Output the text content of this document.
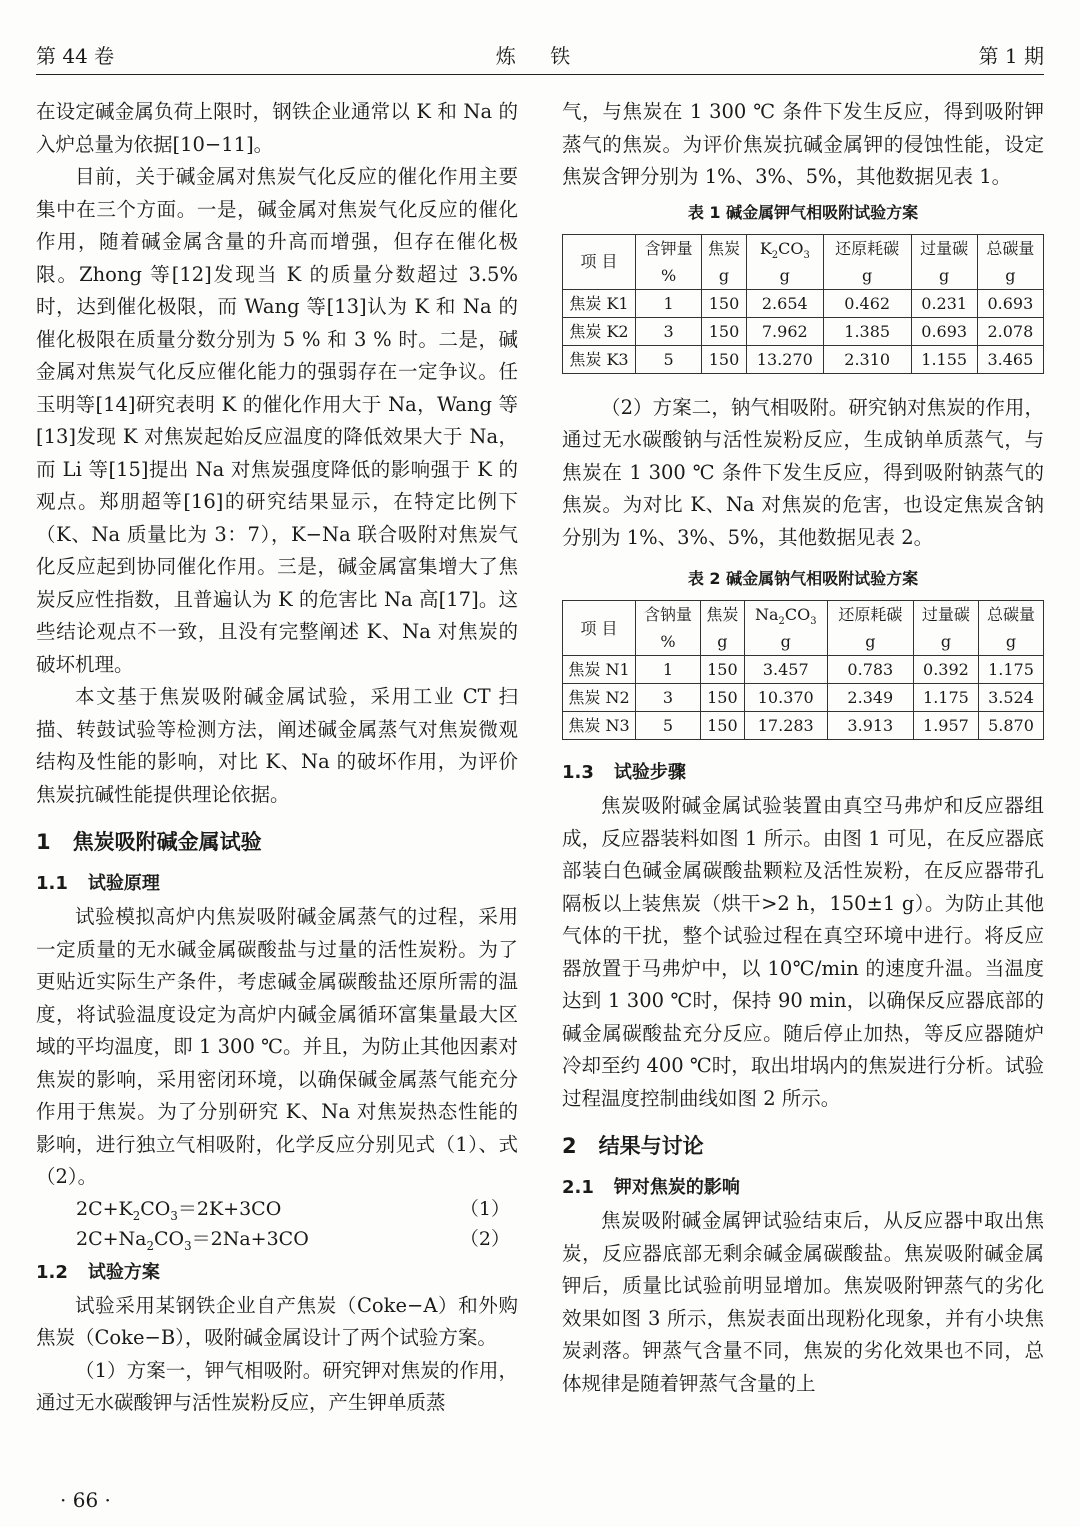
第 44 卷	炼 铁	第 1 期

在设定碱金属负荷上限时，钢铁企业通常以 K 和 Na 的入炉总量为依据[10−11]。

目前，关于碱金属对焦炭气化反应的催化作用主要集中在三个方面。一是，碱金属对焦炭气化反应的催化作用，随着碱金属含量的升高而增强，但存在催化极限。Zhong 等[12]发现当 K 的质量分数超过 3.5%时，达到催化极限，而 Wang 等[13]认为 K 和 Na 的催化极限在质量分数分别为 5 % 和 3 % 时。二是，碱金属对焦炭气化反应催化能力的强弱存在一定争议。任玉明等[14]研究表明 K 的催化作用大于 Na，Wang 等[13]发现 K 对焦炭起始反应温度的降低效果大于 Na，而 Li 等[15]提出 Na 对焦炭强度降低的影响强于 K 的观点。郑朋超等[16]的研究结果显示，在特定比例下（K、Na 质量比为 3：7），K−Na 联合吸附对焦炭气化反应起到协同催化作用。三是，碱金属富集增大了焦炭反应性指数，且普遍认为 K 的危害比 Na 高[17]。这些结论观点不一致，且没有完整阐述 K、Na 对焦炭的破坏机理。

本文基于焦炭吸附碱金属试验，采用工业 CT 扫描、转鼓试验等检测方法，阐述碱金属蒸气对焦炭微观结构及性能的影响，对比 K、Na 的破坏作用，为评价焦炭抗碱性能提供理论依据。

1 焦炭吸附碱金属试验
1.1 试验原理

试验模拟高炉内焦炭吸附碱金属蒸气的过程，采用一定质量的无水碱金属碳酸盐与过量的活性炭粉。为了更贴近实际生产条件，考虑碱金属碳酸盐还原所需的温度，将试验温度设定为高炉内碱金属循环富集量最大区域的平均温度，即 1 300 ℃。并且，为防止其他因素对焦炭的影响，采用密闭环境，以确保碱金属蒸气能充分作用于焦炭。为了分别研究 K、Na 对焦炭热态性能的影响，进行独立气相吸附，化学反应分别见式（1）、式（2）。

$2C+K_2CO_3=2K+3CO$	（1）
$2C+Na_2CO_3=2Na+3CO$	（2）
1.2 试验方案

试验采用某钢铁企业自产焦炭（Coke−A）和外购焦炭（Coke−B），吸附碱金属设计了两个试验方案。

（1）方案一，钾气相吸附。研究钾对焦炭的作用，通过无水碳酸钾与活性炭粉反应，产生钾单质蒸

气，与焦炭在 1 300 ℃ 条件下发生反应，得到吸附钾蒸气的焦炭。为评价焦炭抗碱金属钾的侵蚀性能，设定焦炭含钾分别为 1%、3%、5%，其他数据见表 1。

表 1 碱金属钾气相吸附试验方案
项 目	含钾量	焦炭	$K_2CO_3$	还原耗碳	过量碳	总碳量
	%	g	g	g	g	g
焦炭 K1	1	150	2.654	0.462	0.231	0.693
焦炭 K2	3	150	7.962	1.385	0.693	2.078
焦炭 K3	5	150	13.270	2.310	1.155	3.465

（2）方案二，钠气相吸附。研究钠对焦炭的作用，通过无水碳酸钠与活性炭粉反应，生成钠单质蒸气，与焦炭在 1 300 ℃ 条件下发生反应，得到吸附钠蒸气的焦炭。为对比 K、Na 对焦炭的危害，也设定焦炭含钠分别为 1%、3%、5%，其他数据见表 2。

表 2 碱金属钠气相吸附试验方案
项 目	含钠量	焦炭	$Na_2CO_3$	还原耗碳	过量碳	总碳量
	%	g	g	g	g	g
焦炭 N1	1	150	3.457	0.783	0.392	1.175
焦炭 N2	3	150	10.370	2.349	1.175	3.524
焦炭 N3	5	150	17.283	3.913	1.957	5.870
1.3 试验步骤

焦炭吸附碱金属试验装置由真空马弗炉和反应器组成，反应器装料如图 1 所示。由图 1 可见，在反应器底部装白色碱金属碳酸盐颗粒及活性炭粉，在反应器带孔隔板以上装焦炭（烘干>2 h，150±1 g）。为防止其他气体的干扰，整个试验过程在真空环境中进行。将反应器放置于马弗炉中，以 10℃/min 的速度升温。当温度达到 1 300 ℃时，保持 90 min，以确保反应器底部的碱金属碳酸盐充分反应。随后停止加热，等反应器随炉冷却至约 400 ℃时，取出坩埚内的焦炭进行分析。试验过程温度控制曲线如图 2 所示。

2 结果与讨论
2.1 钾对焦炭的影响

焦炭吸附碱金属钾试验结束后，从反应器中取出焦炭，反应器底部无剩余碱金属碳酸盐。焦炭吸附碱金属钾后，质量比试验前明显增加。焦炭吸附钾蒸气的劣化效果如图 3 所示，焦炭表面出现粉化现象，并有小块焦炭剥落。钾蒸气含量不同，焦炭的劣化效果也不同，总体规律是随着钾蒸气含量的上

· 66 ·
